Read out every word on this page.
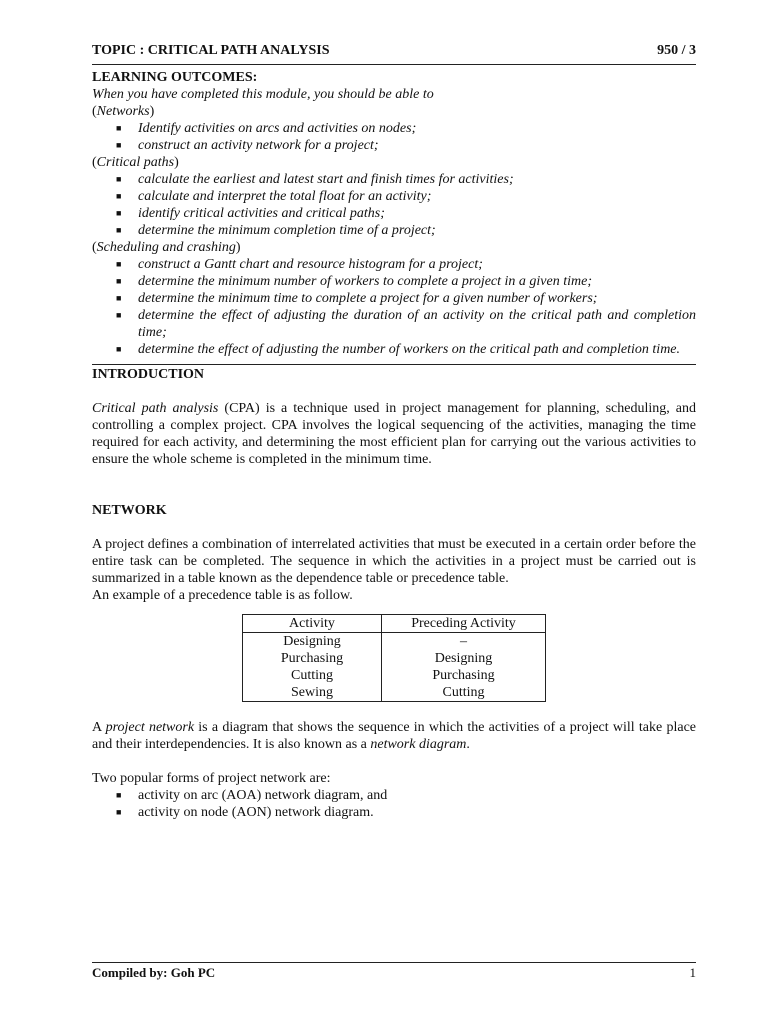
TOPIC : CRITICAL PATH ANALYSIS	950 / 3
LEARNING OUTCOMES:
When you have completed this module, you should be able to
(Networks)
■ Identify activities on arcs and activities on nodes;
■ construct an activity network for a project;
(Critical paths)
■ calculate the earliest and latest start and finish times for activities;
■ calculate and interpret the total float for an activity;
■ identify critical activities and critical paths;
■ determine the minimum completion time of a project;
(Scheduling and crashing)
■ construct a Gantt chart and resource histogram for a project;
■ determine the minimum number of workers to complete a project in a given time;
■ determine the minimum time to complete a project for a given number of workers;
■ determine the effect of adjusting the duration of an activity on the critical path and completion time;
■ determine the effect of adjusting the number of workers on the critical path and completion time.
INTRODUCTION

Critical path analysis (CPA) is a technique used in project management for planning, scheduling, and controlling a complex project. CPA involves the logical sequencing of the activities, managing the time required for each activity, and determining the most efficient plan for carrying out the various activities to ensure the whole scheme is completed in the minimum time.

NETWORK

A project defines a combination of interrelated activities that must be executed in a certain order before the entire task can be completed. The sequence in which the activities in a project must be carried out is summarized in a table known as the dependence table or precedence table.

An example of a precedence table is as follow.
Activity	Preceding Activity
Designing	–
Purchasing	Designing
Cutting	Purchasing
Sewing	Cutting

A project network is a diagram that shows the sequence in which the activities of a project will take place and their interdependencies. It is also known as a network diagram.

Two popular forms of project network are:
■ activity on arc (AOA) network diagram, and
■ activity on node (AON) network diagram.
Compiled by: Goh PC	1
